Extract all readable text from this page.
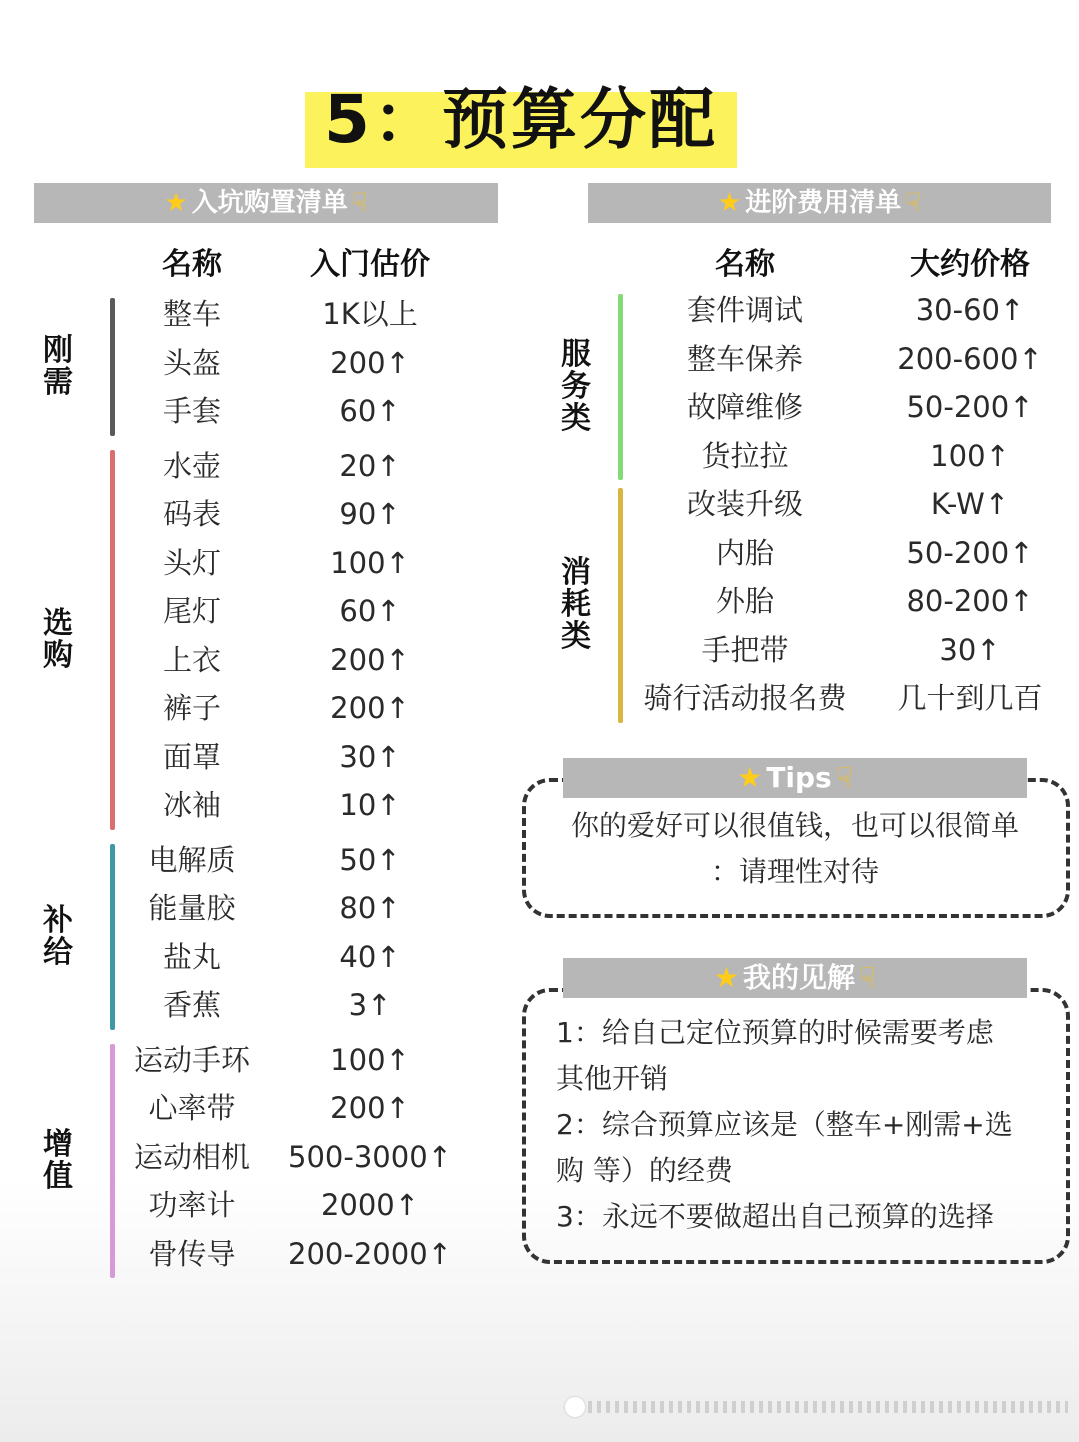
5：预算分配
★ 入坑购置清单 ☟	★ 进阶费用清单 ☟
名称	入门估价	名称	大约价格
整车	1K以上
头盔	200↑
手套	60↑
刚需
水壶	20↑
码表	90↑
头灯	100↑
尾灯	60↑
上衣	200↑
裤子	200↑
面罩	30↑
冰袖	10↑
选购
电解质	50↑
能量胶	80↑
盐丸	40↑
香蕉	3↑
补给
运动手环	100↑
心率带	200↑
运动相机	500-3000↑
功率计	2000↑
骨传导	200-2000↑
增值
套件调试	30-60↑
整车保养	200-600↑
故障维修	50-200↑
货拉拉	100↑
服务类
改装升级	K-W↑
内胎	50-200↑
外胎	80-200↑
手把带	30↑
骑行活动报名费	几十到几百
消耗类
★ Tips ☟
你的爱好可以很值钱，也可以很简单
：请理性对待
★ 我的见解 ☟
1：给自己定位预算的时候需要考虑
其他开销
2：综合预算应该是（整车+刚需+选
购 等）的经费
3：永远不要做超出自己预算的选择
